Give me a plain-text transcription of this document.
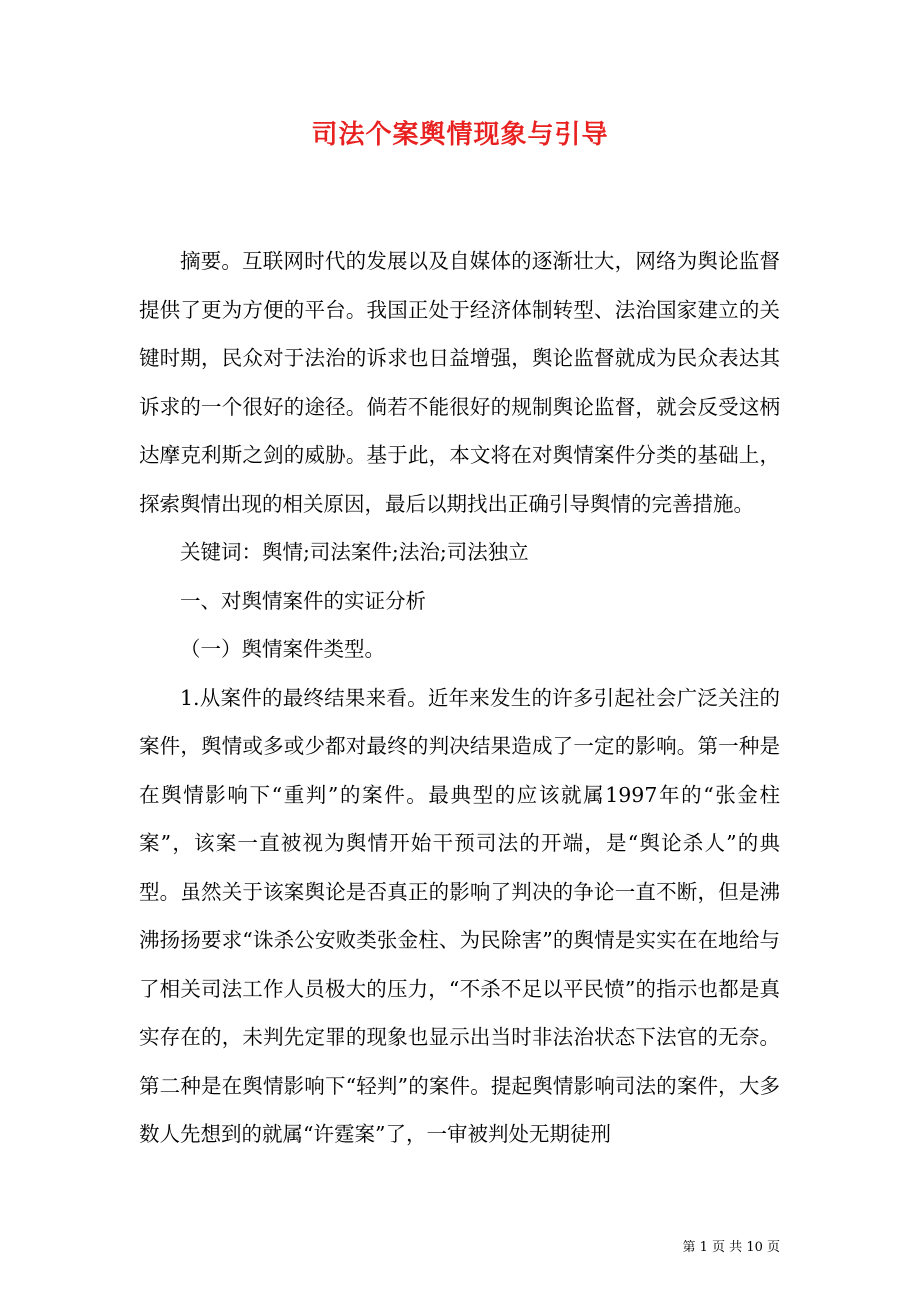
司法个案舆情现象与引导

摘要。互联网时代的发展以及自媒体的逐渐壮大，网络为舆论监督提供了更为方便的平台。我国正处于经济体制转型、法治国家建立的关键时期，民众对于法治的诉求也日益增强，舆论监督就成为民众表达其诉求的一个很好的途径。倘若不能很好的规制舆论监督，就会反受这柄达摩克利斯之剑的威胁。基于此，本文将在对舆情案件分类的基础上，探索舆情出现的相关原因，最后以期找出正确引导舆情的完善措施。

关键词：舆情;司法案件;法治;司法独立

一、对舆情案件的实证分析

（一）舆情案件类型。

1.从案件的最终结果来看。近年来发生的许多引起社会广泛关注的案件，舆情或多或少都对最终的判决结果造成了一定的影响。第一种是在舆情影响下“重判”的案件。最典型的应该就属1997年的“张金柱案”，该案一直被视为舆情开始干预司法的开端，是“舆论杀人”的典型。虽然关于该案舆论是否真正的影响了判决的争论一直不断，但是沸沸扬扬要求“诛杀公安败类张金柱、为民除害”的舆情是实实在在地给与了相关司法工作人员极大的压力，“不杀不足以平民愤”的指示也都是真实存在的，未判先定罪的现象也显示出当时非法治状态下法官的无奈。第二种是在舆情影响下“轻判”的案件。提起舆情影响司法的案件，大多数人先想到的就属“许霆案”了，一审被判处无期徒刑

第 1 页 共 10 页
